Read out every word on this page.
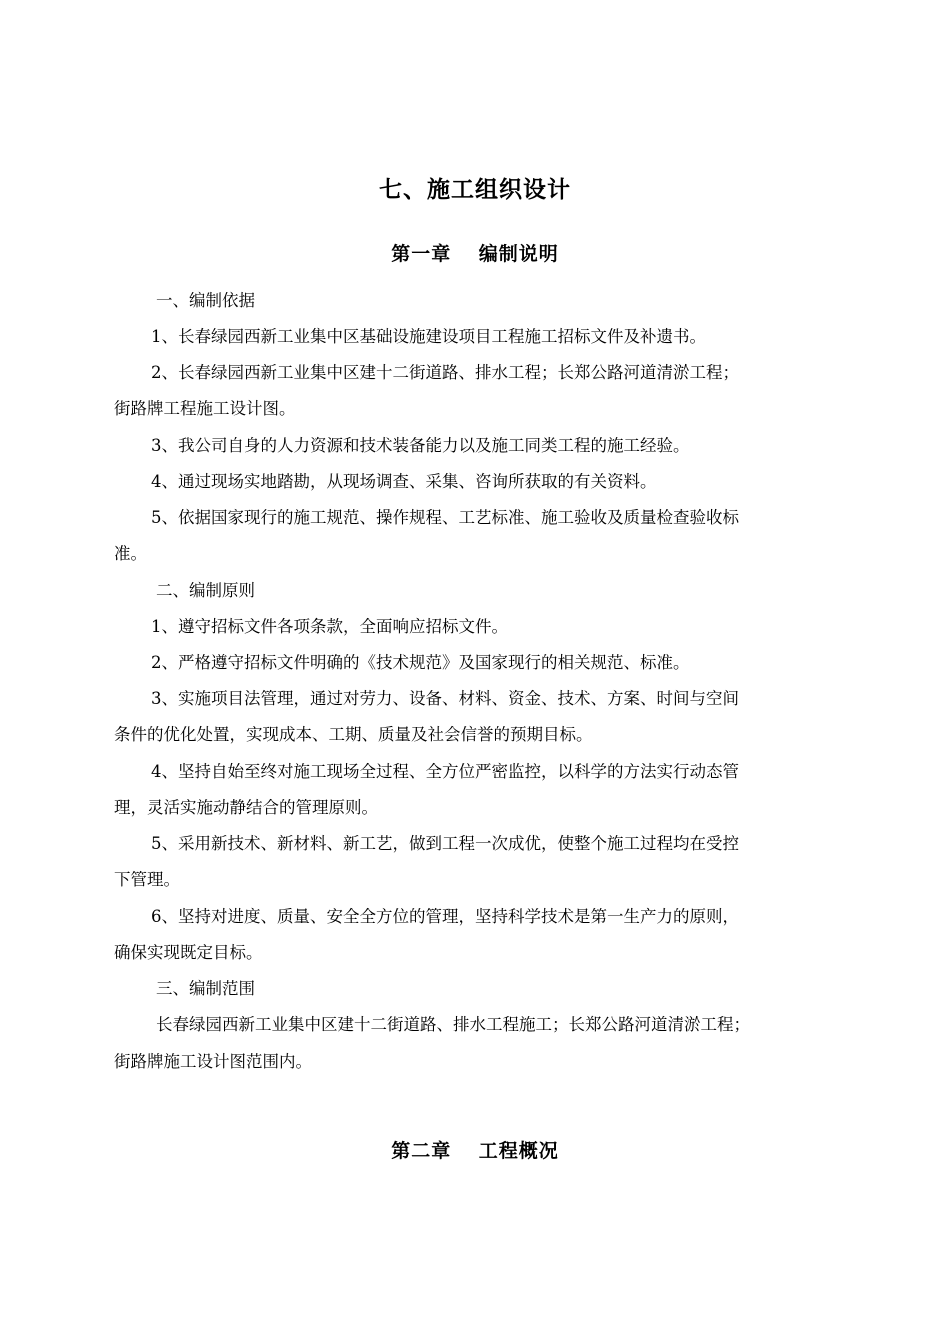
七、施工组织设计
第一章　 编制说明
一、编制依据
1、长春绿园西新工业集中区基础设施建设项目工程施工招标文件及补遗书。
2、长春绿园西新工业集中区建十二街道路、排水工程；长郑公路河道清淤工程；
街路牌工程施工设计图。
3、我公司自身的人力资源和技术装备能力以及施工同类工程的施工经验。
4、通过现场实地踏勘，从现场调查、采集、咨询所获取的有关资料。
5、依据国家现行的施工规范、操作规程、工艺标准、施工验收及质量检查验收标
准。
二、编制原则
1、遵守招标文件各项条款，全面响应招标文件。
2、严格遵守招标文件明确的《技术规范》及国家现行的相关规范、标准。
3、实施项目法管理，通过对劳力、设备、材料、资金、技术、方案、时间与空间
条件的优化处置，实现成本、工期、质量及社会信誉的预期目标。
4、坚持自始至终对施工现场全过程、全方位严密监控，以科学的方法实行动态管
理，灵活实施动静结合的管理原则。
5、采用新技术、新材料、新工艺，做到工程一次成优，使整个施工过程均在受控
下管理。
6、坚持对进度、质量、安全全方位的管理，坚持科学技术是第一生产力的原则，
确保实现既定目标。
三、编制范围
长春绿园西新工业集中区建十二街道路、排水工程施工；长郑公路河道清淤工程；
街路牌施工设计图范围内。
第二章　 工程概况
